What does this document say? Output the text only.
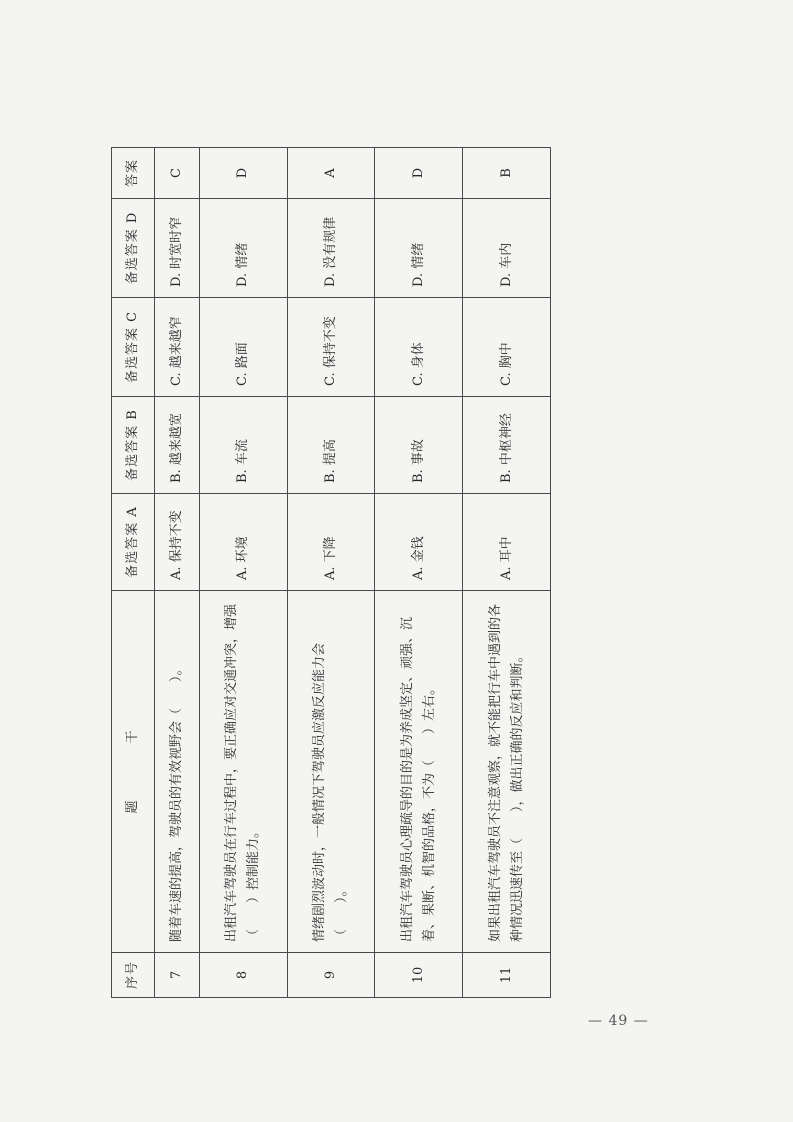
序号	题　　　　干	备选答案 A	备选答案 B	备选答案 C	备选答案 D	答案
7	随着车速的提高，驾驶员的有效视野会（　　）。	A. 保持不变	B. 越来越宽	C. 越来越窄	D. 时宽时窄	C
8	出租汽车驾驶员在行车过程中，要正确应对交通冲突，增强（　　）控制能力。	A. 环境	B. 车流	C. 路面	D. 情绪	D
9	情绪剧烈波动时，一般情况下驾驶员应激反应能力会（　　）。	A. 下降	B. 提高	C. 保持不变	D. 没有规律	A
10	出租汽车驾驶员心理疏导的目的是为养成坚定、顽强、沉着、果断、机智的品格，不为（　　）左右。	A. 金钱	B. 事故	C. 身体	D. 情绪	D
11	如果出租汽车驾驶员不注意观察，就不能把行车中遇到的各种情况迅速传至（　　），做出正确的反应和判断。	A. 耳中	B. 中枢神经	C. 胸中	D. 车内	B
— 49 —
